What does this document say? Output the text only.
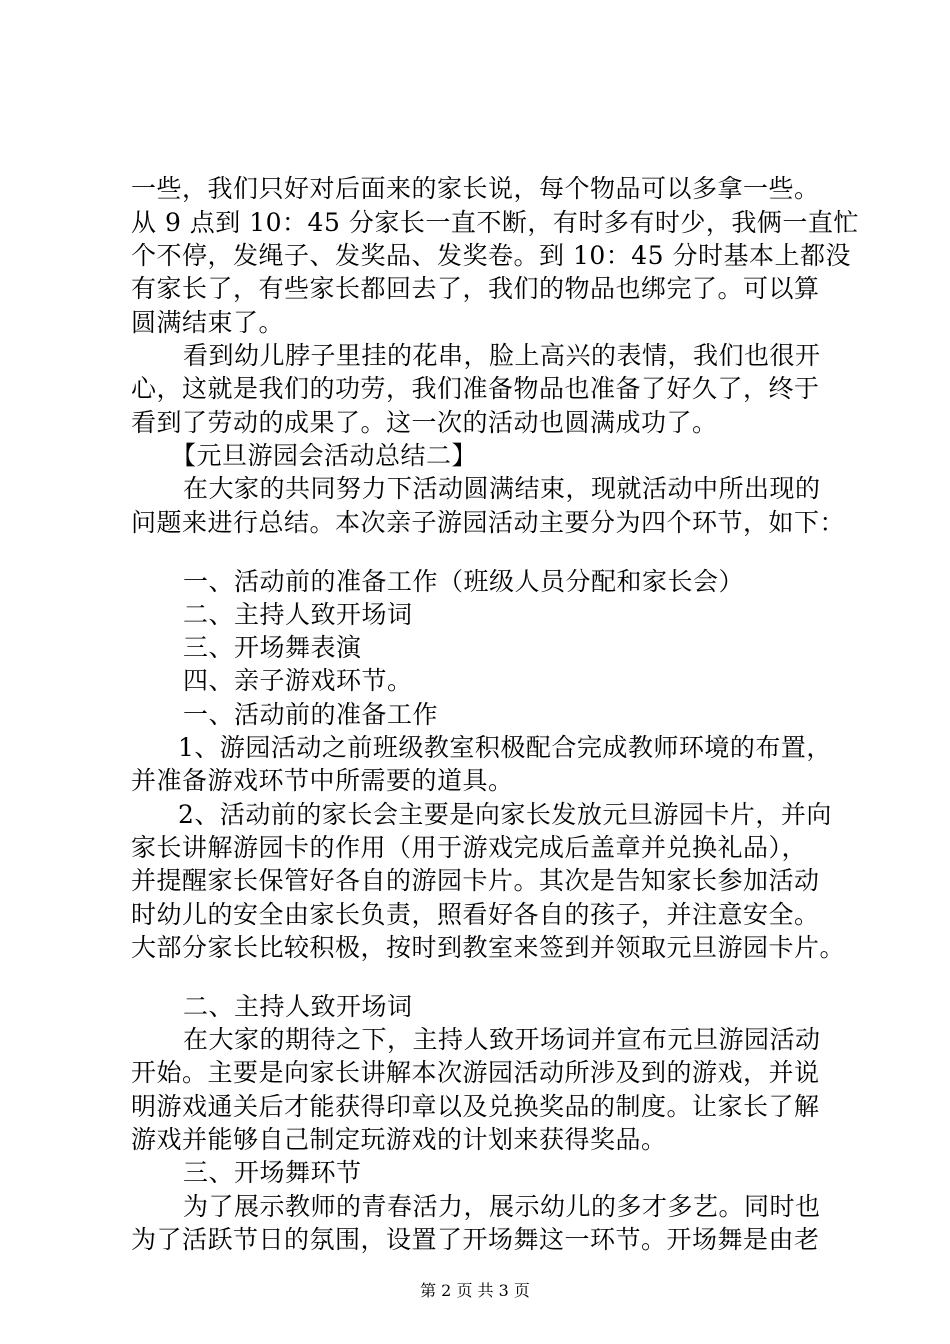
一些，我们只好对后面来的家长说，每个物品可以多拿一些。
从 9 点到 10：45 分家长一直不断，有时多有时少，我俩一直忙
个不停，发绳子、发奖品、发奖卷。到 10：45 分时基本上都没
有家长了，有些家长都回去了，我们的物品也绑完了。可以算
圆满结束了。
看到幼儿脖子里挂的花串，脸上高兴的表情，我们也很开
心，这就是我们的功劳，我们准备物品也准备了好久了，终于
看到了劳动的成果了。这一次的活动也圆满成功了。
【元旦游园会活动总结二】
在大家的共同努力下活动圆满结束，现就活动中所出现的
问题来进行总结。本次亲子游园活动主要分为四个环节，如下：
一、活动前的准备工作（班级人员分配和家长会）
二、主持人致开场词
三、开场舞表演
四、亲子游戏环节。
一、活动前的准备工作
1、游园活动之前班级教室积极配合完成教师环境的布置，
并准备游戏环节中所需要的道具。
2、活动前的家长会主要是向家长发放元旦游园卡片，并向
家长讲解游园卡的作用（用于游戏完成后盖章并兑换礼品），
并提醒家长保管好各自的游园卡片。其次是告知家长参加活动
时幼儿的安全由家长负责，照看好各自的孩子，并注意安全。
大部分家长比较积极，按时到教室来签到并领取元旦游园卡片。
二、主持人致开场词
在大家的期待之下，主持人致开场词并宣布元旦游园活动
开始。主要是向家长讲解本次游园活动所涉及到的游戏，并说
明游戏通关后才能获得印章以及兑换奖品的制度。让家长了解
游戏并能够自己制定玩游戏的计划来获得奖品。
三、开场舞环节
为了展示教师的青春活力，展示幼儿的多才多艺。同时也
为了活跃节日的氛围，设置了开场舞这一环节。开场舞是由老
第 2 页 共 3 页
